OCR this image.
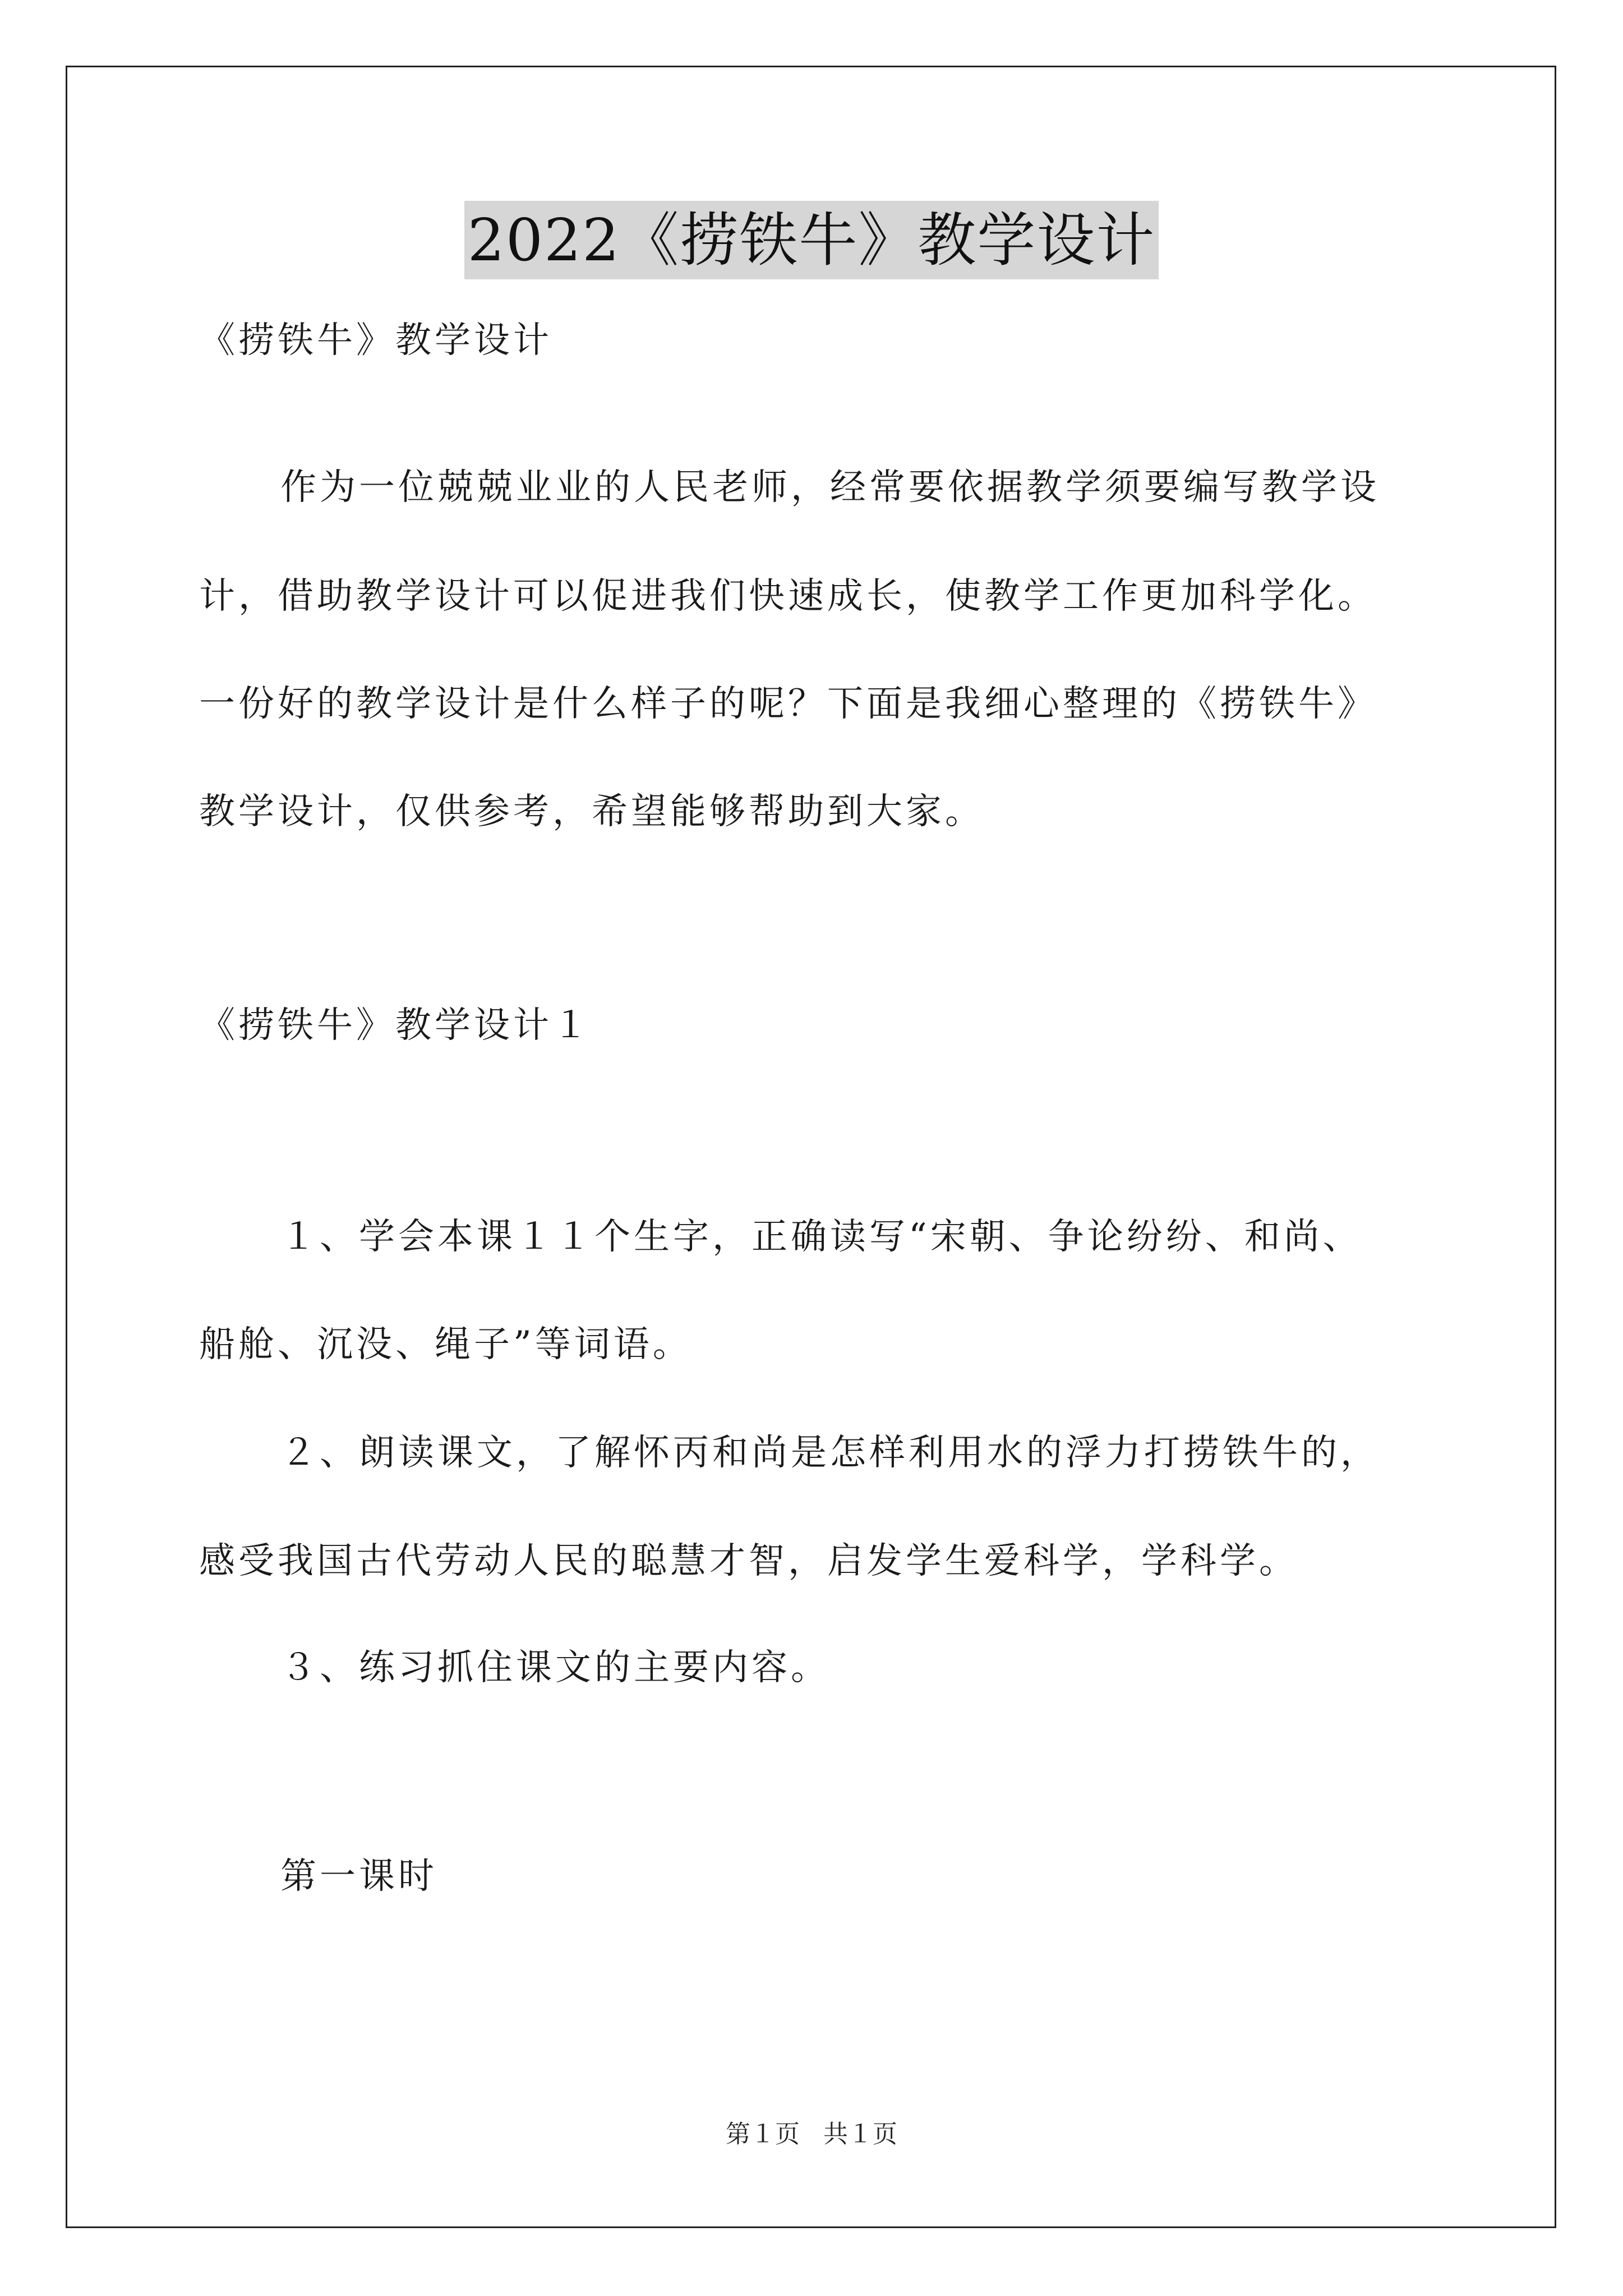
2022《捞铁牛》教学设计
《捞铁牛》教学设计
作为一位兢兢业业的人民老师，经常要依据教学须要编写教学设
计，借助教学设计可以促进我们快速成长，使教学工作更加科学化。
一份好的教学设计是什么样子的呢？下面是我细心整理的《捞铁牛》
教学设计，仅供参考，希望能够帮助到大家。
《捞铁牛》教学设计１
１、学会本课１１个生字，正确读写“宋朝、争论纷纷、和尚、
船舱、沉没、绳子”等词语。
２、朗读课文，了解怀丙和尚是怎样利用水的浮力打捞铁牛的，
感受我国古代劳动人民的聪慧才智，启发学生爱科学，学科学。
３、练习抓住课文的主要内容。
第一课时
第１页 共１页
